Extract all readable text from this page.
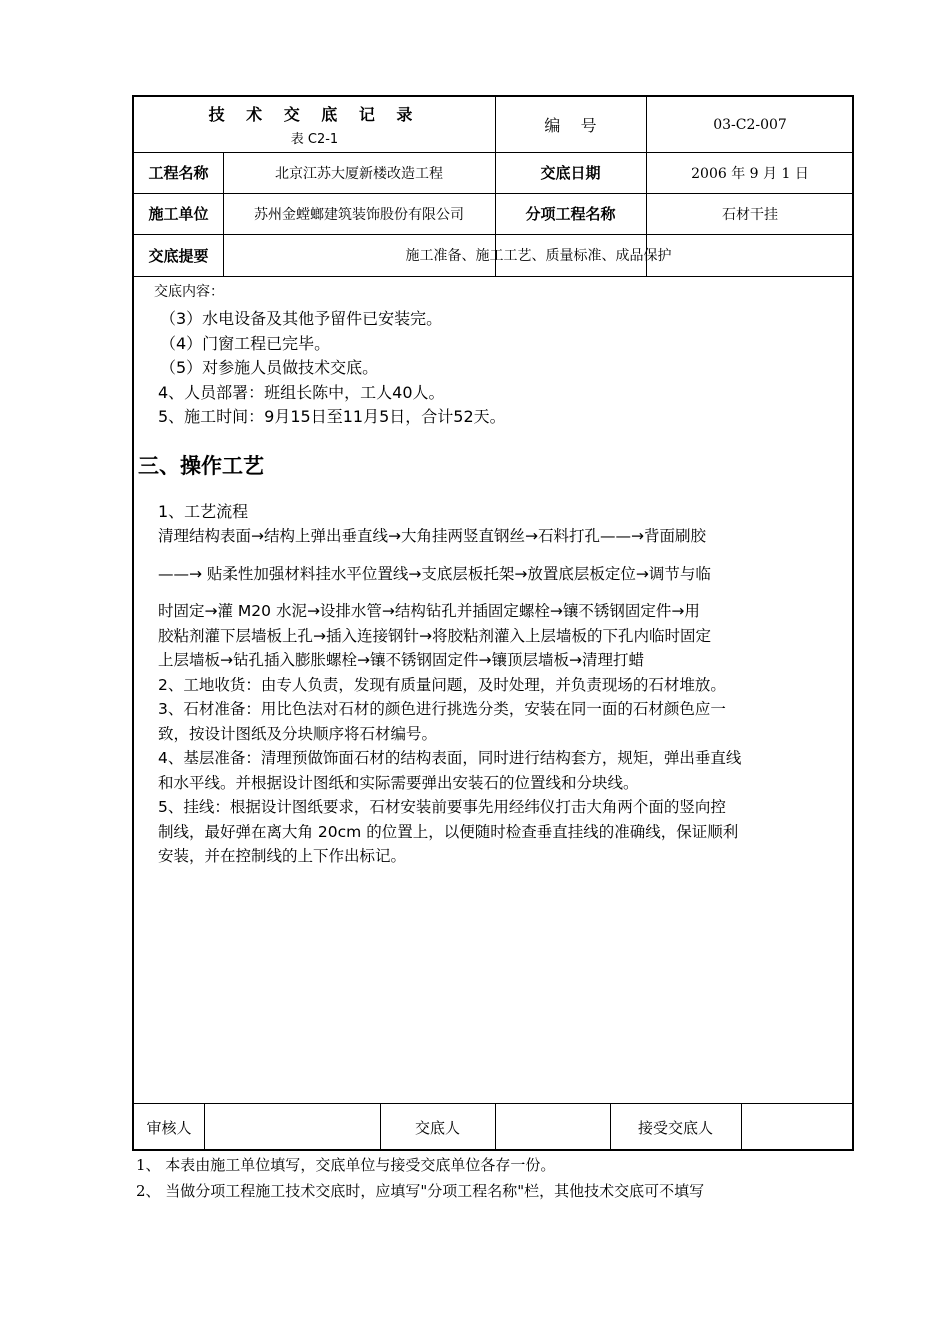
技 术 交 底 记 录
表 C2-1
编    号	03-C2-007
工程名称	北京江苏大厦新楼改造工程	交底日期	2006 年 9 月 1 日
施工单位	苏州金螳螂建筑装饰股份有限公司	分项工程名称	石材干挂
交底提要	施工准备、施工工艺、质量标准、成品保护
交底内容：
（3）水电设备及其他予留件已安装完。
（4）门窗工程已完毕。
（5）对参施人员做技术交底。
4、人员部署：班组长陈中，工人40人。
5、施工时间：9月15日至11月5日，合计52天。
三、操作工艺
1、工艺流程
清理结构表面→结构上弹出垂直线→大角挂两竖直钢丝→石料打孔——→背面刷胶
——→ 贴柔性加强材料挂水平位置线→支底层板托架→放置底层板定位→调节与临
时固定→灌 M20 水泥→设排水管→结构钻孔并插固定螺栓→镶不锈钢固定件→用
胶粘剂灌下层墙板上孔→插入连接钢针→将胶粘剂灌入上层墙板的下孔内临时固定
上层墙板→钻孔插入膨胀螺栓→镶不锈钢固定件→镶顶层墙板→清理打蜡
2、工地收货：由专人负责，发现有质量问题，及时处理，并负责现场的石材堆放。
3、石材准备：用比色法对石材的颜色进行挑选分类，安装在同一面的石材颜色应一
致，按设计图纸及分块顺序将石材编号。
4、基层准备：清理预做饰面石材的结构表面，同时进行结构套方，规矩，弹出垂直线
和水平线。并根据设计图纸和实际需要弹出安装石的位置线和分块线。
5、挂线：根据设计图纸要求，石材安装前要事先用经纬仪打击大角两个面的竖向控
制线，最好弹在离大角 20cm 的位置上，以便随时检查垂直挂线的准确线，保证顺利
安装，并在控制线的上下作出标记。
审核人	交底人	接受交底人
1、 本表由施工单位填写，交底单位与接受交底单位各存一份。
2、 当做分项工程施工技术交底时，应填写"分项工程名称"栏，其他技术交底可不填写
